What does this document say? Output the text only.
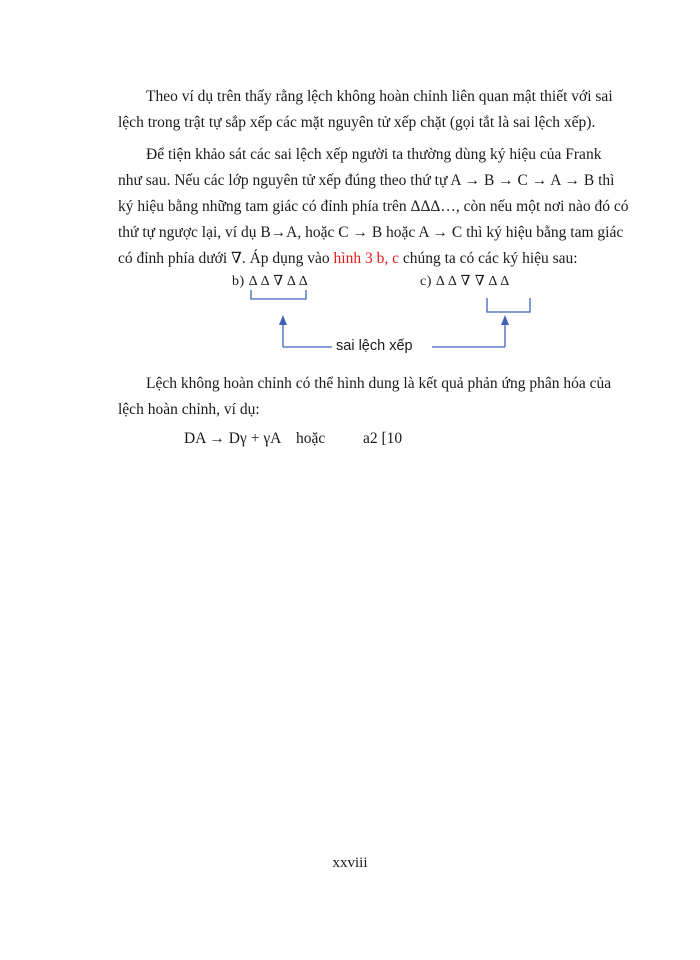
Theo ví dụ trên thấy rằng lệch không hoàn chỉnh liên quan mật thiết với sai
lệch trong trật tự sắp xếp các mặt nguyên tử xếp chặt (gọi tắt là sai lệch xếp).

Để tiện khảo sát các sai lệch xếp người ta thường dùng ký hiệu của Frank
như sau. Nếu các lớp nguyên tử xếp đúng theo thứ tự A → B → C → A → B thì
ký hiệu bằng những tam giác có đỉnh phía trên ΔΔΔ…, còn nếu một nơi nào đó có
thứ tự ngược lại, ví dụ B→A, hoặc C → B hoặc A → C thì ký hiệu bằng tam giác
có đỉnh phía dưới ∇. Áp dụng vào hình 3 b, c chúng ta có các ký hiệu sau:

b) Δ Δ ∇ Δ Δ	c) Δ Δ ∇ ∇ Δ Δ
sai lệch xếp

Lệch không hoàn chỉnh có thể hình dung là kết quả phản ứng phân hóa của
lệch hoàn chỉnh, ví dụ:

DA → Dγ + γA hoặc a2 [10
xxviii
